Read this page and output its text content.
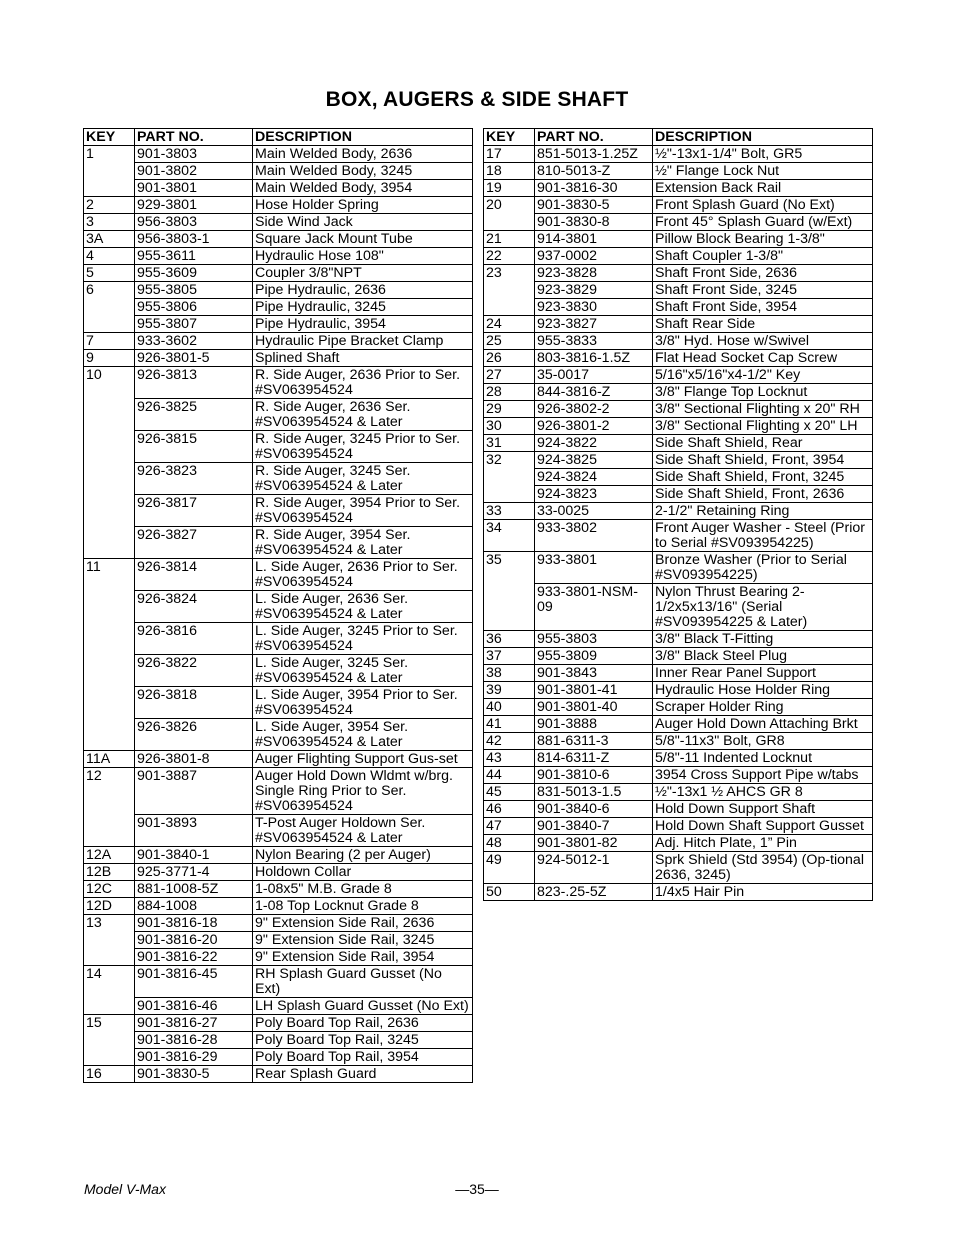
BOX, AUGERS & SIDE SHAFT
KEY	PART NO.	DESCRIPTION
1	901-3803	Main Welded Body, 2636
	901-3802	Main Welded Body, 3245
	901-3801	Main Welded Body, 3954
2	929-3801	Hose Holder Spring
3	956-3803	Side Wind Jack
3A	956-3803-1	Square Jack Mount Tube
4	955-3611	Hydraulic Hose 108"
5	955-3609	Coupler 3/8"NPT
6	955-3805	Pipe Hydraulic, 2636
	955-3806	Pipe Hydraulic, 3245
	955-3807	Pipe Hydraulic, 3954
7	933-3602	Hydraulic Pipe Bracket Clamp
9	926-3801-5	Splined Shaft
10	926-3813	R. Side Auger, 2636 Prior to Ser. #SV063954524
	926-3825	R. Side Auger, 2636 Ser. #SV063954524 & Later
	926-3815	R. Side Auger, 3245 Prior to Ser. #SV063954524
	926-3823	R. Side Auger, 3245 Ser. #SV063954524 & Later
	926-3817	R. Side Auger, 3954 Prior to Ser. #SV063954524
	926-3827	R. Side Auger, 3954 Ser. #SV063954524 & Later
11	926-3814	L. Side Auger, 2636 Prior to Ser. #SV063954524
	926-3824	L. Side Auger, 2636 Ser. #SV063954524 & Later
	926-3816	L. Side Auger, 3245 Prior to Ser. #SV063954524
	926-3822	L. Side Auger, 3245 Ser. #SV063954524 & Later
	926-3818	L. Side Auger, 3954 Prior to Ser. #SV063954524
	926-3826	L. Side Auger, 3954 Ser. #SV063954524 & Later
11A	926-3801-8	Auger Flighting Support Gus-set
12	901-3887	Auger Hold Down Wldmt w/brg. Single Ring Prior to Ser. #SV063954524
	901-3893	T-Post Auger Holdown Ser. #SV063954524 & Later
12A	901-3840-1	Nylon Bearing (2 per Auger)
12B	925-3771-4	Holdown Collar
12C	881-1008-5Z	1-08x5" M.B. Grade 8
12D	884-1008	1-08 Top Locknut Grade 8
13	901-3816-18	9" Extension Side Rail, 2636
	901-3816-20	9" Extension Side Rail, 3245
	901-3816-22	9" Extension Side Rail, 3954
14	901-3816-45	RH Splash Guard Gusset (No Ext)
	901-3816-46	LH Splash Guard Gusset (No Ext)
15	901-3816-27	Poly Board Top Rail, 2636
	901-3816-28	Poly Board Top Rail, 3245
	901-3816-29	Poly Board Top Rail, 3954
16	901-3830-5	Rear Splash Guard
KEY	PART NO.	DESCRIPTION
17	851-5013-1.25Z	½"-13x1-1/4" Bolt, GR5
18	810-5013-Z	½" Flange Lock Nut
19	901-3816-30	Extension Back Rail
20	901-3830-5	Front Splash Guard (No Ext)
	901-3830-8	Front 45° Splash Guard (w/Ext)
21	914-3801	Pillow Block Bearing 1-3/8"
22	937-0002	Shaft Coupler 1-3/8"
23	923-3828	Shaft Front Side, 2636
	923-3829	Shaft Front Side, 3245
	923-3830	Shaft Front Side, 3954
24	923-3827	Shaft Rear Side
25	955-3833	3/8" Hyd. Hose w/Swivel
26	803-3816-1.5Z	Flat Head Socket Cap Screw
27	35-0017	5/16"x5/16"x4-1/2" Key
28	844-3816-Z	3/8" Flange Top Locknut
29	926-3802-2	3/8" Sectional Flighting x 20" RH
30	926-3801-2	3/8" Sectional Flighting x 20" LH
31	924-3822	Side Shaft Shield, Rear
32	924-3825	Side Shaft Shield, Front, 3954
	924-3824	Side Shaft Shield, Front, 3245
	924-3823	Side Shaft Shield, Front, 2636
33	33-0025	2-1/2" Retaining Ring
34	933-3802	Front Auger Washer - Steel (Prior to Serial #SV093954225)
35	933-3801	Bronze Washer (Prior to Serial #SV093954225)
	933-3801-NSM-09	Nylon Thrust Bearing 2-1/2x5x13/16" (Serial #SV093954225 & Later)
36	955-3803	3/8" Black T-Fitting
37	955-3809	3/8" Black Steel Plug
38	901-3843	Inner Rear Panel Support
39	901-3801-41	Hydraulic Hose Holder Ring
40	901-3801-40	Scraper Holder Ring
41	901-3888	Auger Hold Down Attaching Brkt
42	881-6311-3	5/8"-11x3" Bolt, GR8
43	814-6311-Z	5/8"-11 Indented Locknut
44	901-3810-6	3954 Cross Support Pipe w/tabs
45	831-5013-1.5	½"-13x1 ½ AHCS GR 8
46	901-3840-6	Hold Down Support Shaft
47	901-3840-7	Hold Down Shaft Support Gusset
48	901-3801-82	Adj. Hitch Plate, 1” Pin
49	924-5012-1	Sprk Shield (Std 3954) (Op-tional 2636, 3245)
50	823-.25-5Z	1/4x5 Hair Pin
Model V-Max	—35—
